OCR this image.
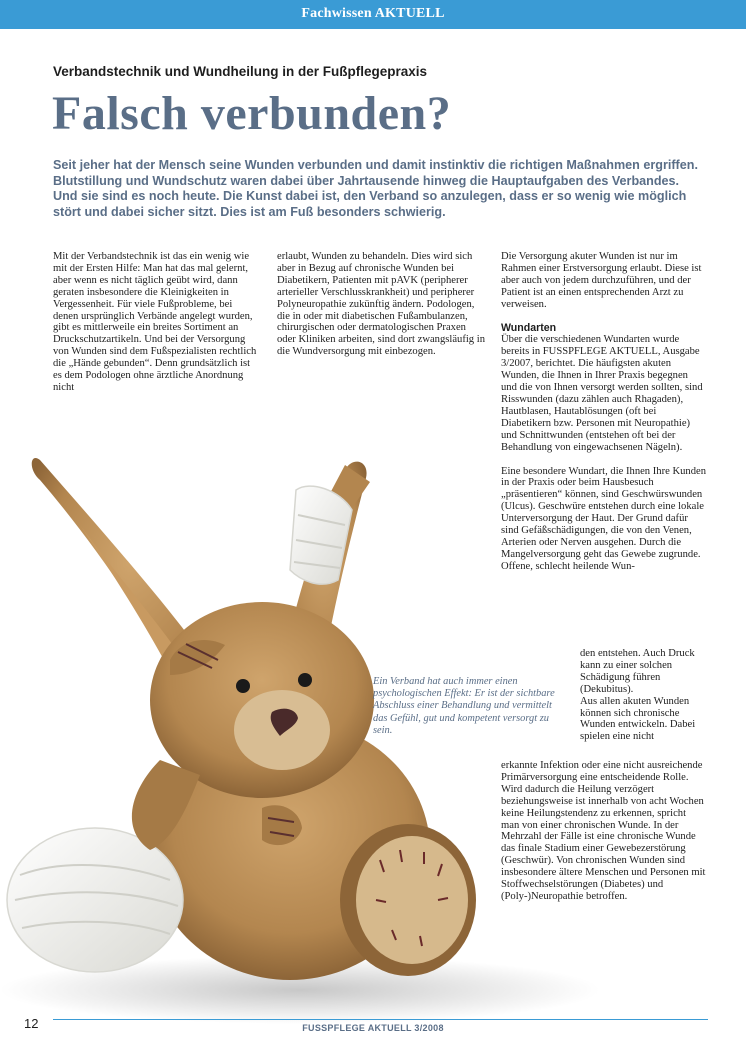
Fachwissen AKTUELL
Verbandstechnik und Wundheilung in der Fußpflegepraxis
Falsch verbunden?
Seit jeher hat der Mensch seine Wunden verbunden und damit instinktiv die richtigen Maßnahmen ergriffen. Blutstillung und Wundschutz waren dabei über Jahrtausende hinweg die Hauptaufgaben des Verbandes. Und sie sind es noch heute. Die Kunst dabei ist, den Verband so anzulegen, dass er so wenig wie möglich stört und dabei sicher sitzt. Dies ist am Fuß besonders schwierig.

Mit der Verbandstechnik ist das ein wenig wie mit der Ersten Hilfe: Man hat das mal gelernt, aber wenn es nicht täglich geübt wird, dann geraten insbesondere die Kleinigkeiten in Vergessenheit. Für viele Fußprobleme, bei denen ursprünglich Verbände angelegt wurden, gibt es mittlerweile ein breites Sortiment an Druckschutzartikeln. Und bei der Versorgung von Wunden sind dem Fußspezialisten rechtlich die „Hände gebunden“. Denn grundsätzlich ist es dem Podologen ohne ärztliche Anordnung nicht

erlaubt, Wunden zu behandeln. Dies wird sich aber in Bezug auf chronische Wunden bei Diabetikern, Patienten mit pAVK (peripherer arterieller Verschlusskrankheit) und peripherer Polyneuropathie zukünftig ändern. Podologen, die in oder mit diabetischen Fußambulanzen, chirurgischen oder dermatologischen Praxen oder Kliniken arbeiten, sind dort zwangsläufig in die Wundversorgung mit einbezogen.

Die Versorgung akuter Wunden ist nur im Rahmen einer Erstversorgung erlaubt. Diese ist aber auch von jedem durchzuführen, und der Patient ist an einen entsprechenden Arzt zu verweisen.

Wundarten

Über die verschiedenen Wundarten wurde bereits in FUSSPFLEGE AKTUELL, Ausgabe 3/2007, berichtet. Die häufigsten akuten Wunden, die Ihnen in Ihrer Praxis begegnen und die von Ihnen versorgt werden sollten, sind Risswunden (dazu zählen auch Rhagaden), Hautblasen, Hautablösungen (oft bei Diabetikern bzw. Personen mit Neuropathie) und Schnittwunden (entstehen oft bei der Behandlung von eingewachsenen Nägeln).

Eine besondere Wundart, die Ihnen Ihre Kunden in der Praxis oder beim Hausbesuch „präsentieren“ können, sind Geschwürswunden (Ulcus). Geschwüre entstehen durch eine lokale Unterversorgung der Haut. Der Grund dafür sind Gefäßschädigungen, die von den Venen, Arterien oder Nerven ausgehen. Durch die Mangelversorgung geht das Gewebe zugrunde. Offene, schlecht heilende Wun-

Ein Verband hat auch immer einen psychologischen Effekt: Er ist der sichtbare Abschluss einer Behandlung und vermittelt das Gefühl, gut und kompetent versorgt zu sein.

den entstehen. Auch Druck kann zu einer solchen Schädigung führen (Dekubitus).

Aus allen akuten Wunden können sich chronische Wunden entwickeln. Dabei spielen eine nicht

erkannte Infektion oder eine nicht ausreichende Primärversorgung eine entscheidende Rolle. Wird dadurch die Heilung verzögert beziehungsweise ist innerhalb von acht Wochen keine Heilungstendenz zu erkennen, spricht man von einer chronischen Wunde. In der Mehrzahl der Fälle ist eine chronische Wunde das finale Stadium einer Gewebezerstörung (Geschwür). Von chronischen Wunden sind insbesondere ältere Menschen und Personen mit Stoffwechselstörungen (Diabetes) und (Poly-)Neuropathie betroffen.

12	FUSSPFLEGE AKTUELL 3/2008
